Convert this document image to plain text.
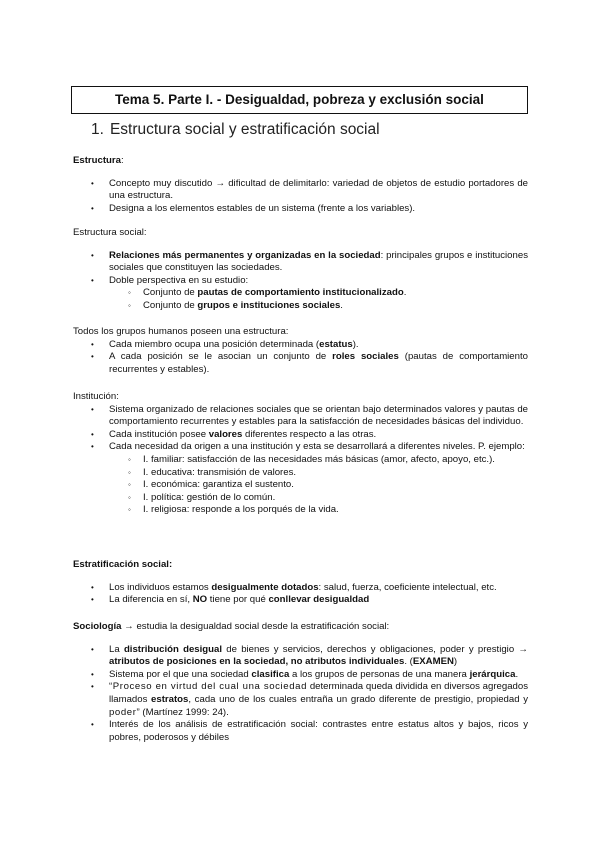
Tema 5. Parte I. - Desigualdad, pobreza y exclusión social
1. Estructura social y estratificación social

Estructura:

• Concepto muy discutido → dificultad de delimitarlo: variedad de objetos de estudio portadores de una estructura.
• Designa a los elementos estables de un sistema (frente a los variables).

Estructura social:

• Relaciones más permanentes y organizadas en la sociedad: principales grupos e instituciones sociales que constituyen las sociedades.
• Doble perspectiva en su estudio:
◦ Conjunto de pautas de comportamiento institucionalizado.
◦ Conjunto de grupos e instituciones sociales.

Todos los grupos humanos poseen una estructura:

• Cada miembro ocupa una posición determinada (estatus).
• A cada posición se le asocian un conjunto de roles sociales (pautas de comportamiento recurrentes y estables).

Institución:

• Sistema organizado de relaciones sociales que se orientan bajo determinados valores y pautas de comportamiento recurrentes y estables para la satisfacción de necesidades básicas del individuo.
• Cada institución posee valores diferentes respecto a las otras.
• Cada necesidad da origen a una institución y esta se desarrollará a diferentes niveles. P. ejemplo:
◦ I. familiar: satisfacción de las necesidades más básicas (amor, afecto, apoyo, etc.).
◦ I. educativa: transmisión de valores.
◦ I. económica: garantiza el sustento.
◦ I. política: gestión de lo común.
◦ I. religiosa: responde a los porqués de la vida.

Estratificación social:

• Los individuos estamos desigualmente dotados: salud, fuerza, coeficiente intelectual, etc.
• La diferencia en sí, NO tiene por qué conllevar desigualdad

Sociología → estudia la desigualdad social desde la estratificación social:

• La distribución desigual de bienes y servicios, derechos y obligaciones, poder y prestigio → atributos de posiciones en la sociedad, no atributos individuales. (EXAMEN)
• Sistema por el que una sociedad clasifica a los grupos de personas de una manera jerárquica.
• “Proceso en virtud del cual una sociedad determinada queda dividida en diversos agregados llamados estratos, cada uno de los cuales entraña un grado diferente de prestigio, propiedad y poder” (Martínez 1999: 24).
• Interés de los análisis de estratificación social: contrastes entre estatus altos y bajos, ricos y pobres, poderosos y débiles
